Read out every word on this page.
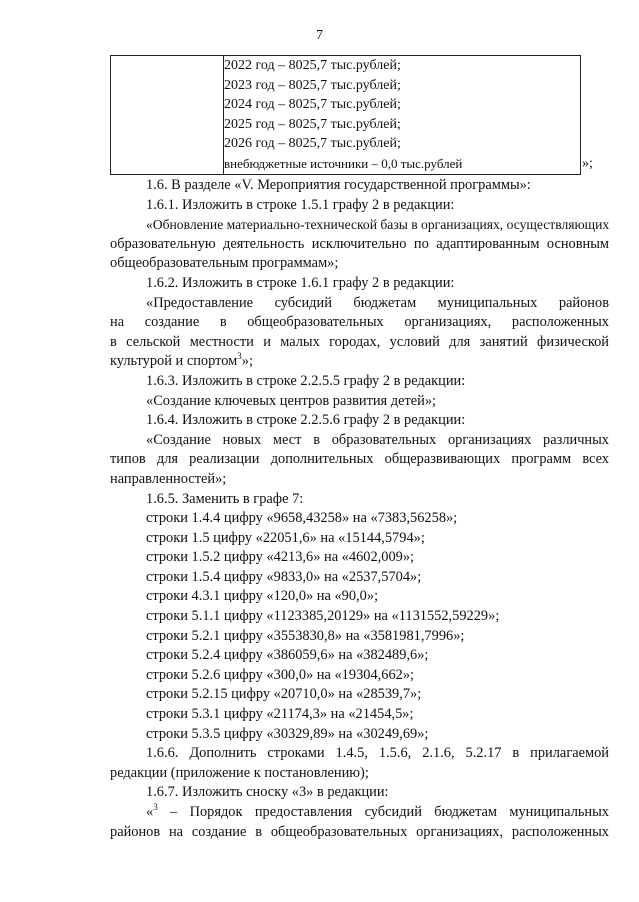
7

2022 год – 8025,7 тыс.рублей;
2023 год – 8025,7 тыс.рублей;
2024 год – 8025,7 тыс.рублей;
2025 год – 8025,7 тыс.рублей;
2026 год – 8025,7 тыс.рублей;
внебюджетные источники – 0,0 тыс.рублей	»;

1.6. В разделе «V. Мероприятия государственной программы»:

1.6.1. Изложить в строке 1.5.1 графу 2 в редакции:

«Обновление материально-технической базы в организациях, осуществляющих

образовательную деятельность исключительно по адаптированным основным

общеобразовательным программам»;

1.6.2. Изложить в строке 1.6.1 графу 2 в редакции:

«Предоставление субсидий бюджетам муниципальных районов

на создание в общеобразовательных организациях, расположенных

в сельской местности и малых городах, условий для занятий физической

культурой и спортом$^3$»;

1.6.3. Изложить в строке 2.2.5.5 графу 2 в редакции:

«Создание ключевых центров развития детей»;

1.6.4. Изложить в строке 2.2.5.6 графу 2 в редакции:

«Создание новых мест в образовательных организациях различных

типов для реализации дополнительных общеразвивающих программ всех

направленностей»;

1.6.5. Заменить в графе 7:

строки 1.4.4 цифру «9658,43258» на «7383,56258»;

строки 1.5 цифру «22051,6» на «15144,5794»;

строки 1.5.2 цифру «4213,6» на «4602,009»;

строки 1.5.4 цифру «9833,0» на «2537,5704»;

строки 4.3.1 цифру «120,0» на «90,0»;

строки 5.1.1 цифру «1123385,20129» на «1131552,59229»;

строки 5.2.1 цифру «3553830,8» на «3581981,7996»;

строки 5.2.4 цифру «386059,6» на «382489,6»;

строки 5.2.6 цифру «300,0» на «19304,662»;

строки 5.2.15 цифру «20710,0» на «28539,7»;

строки 5.3.1 цифру «21174,3» на «21454,5»;

строки 5.3.5 цифру «30329,89» на «30249,69»;

1.6.6. Дополнить строками 1.4.5, 1.5.6, 2.1.6, 5.2.17 в прилагаемой

редакции (приложение к постановлению);

1.6.7. Изложить сноску «3» в редакции:

«$^3$ – Порядок предоставления субсидий бюджетам муниципальных

районов на создание в общеобразовательных организациях, расположенных
